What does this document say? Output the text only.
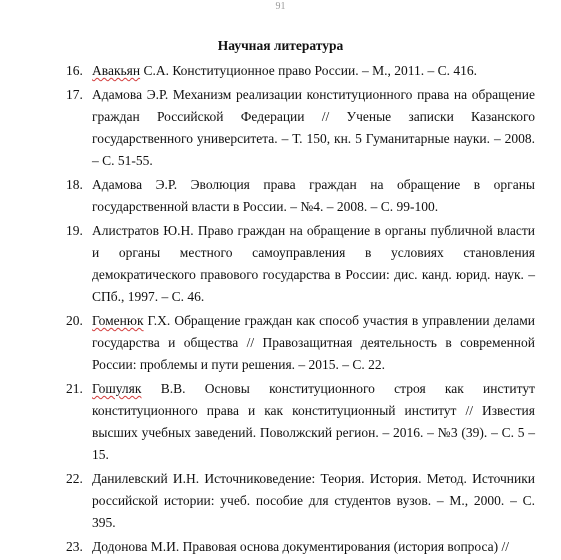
91
Научная литература
16. Авакьян С.А. Конституционное право России. – М., 2011. – С. 416.
17. Адамова Э.Р. Механизм реализации конституционного права на обращение граждан Российской Федерации // Ученые записки Казанского государственного университета. – Т. 150, кн. 5 Гуманитарные науки. – 2008. – С. 51-55.
18. Адамова Э.Р. Эволюция права граждан на обращение в органы государственной власти в России. – №4. – 2008. – С. 99-100.
19. Алистратов Ю.Н. Право граждан на обращение в органы публичной власти и органы местного самоуправления в условиях становления демократического правового государства в России: дис. канд. юрид. наук. – СПб., 1997. – С. 46.
20. Гоменюк Г.Х. Обращение граждан как способ участия в управлении делами государства и общества // Правозащитная деятельность в современной России: проблемы и пути решения. – 2015. – С. 22.
21. Гошуляк В.В. Основы конституционного строя как институт конституционного права и как конституционный институт // Известия высших учебных заведений. Поволжский регион. – 2016. – №3 (39). – С. 5 – 15.
22. Данилевский И.Н. Источниковедение: Теория. История. Метод. Источники российской истории: учеб. пособие для студентов вузов. – М., 2000. – С. 395.
23. Додонова М.И. Правовая основа документирования (история вопроса) //
